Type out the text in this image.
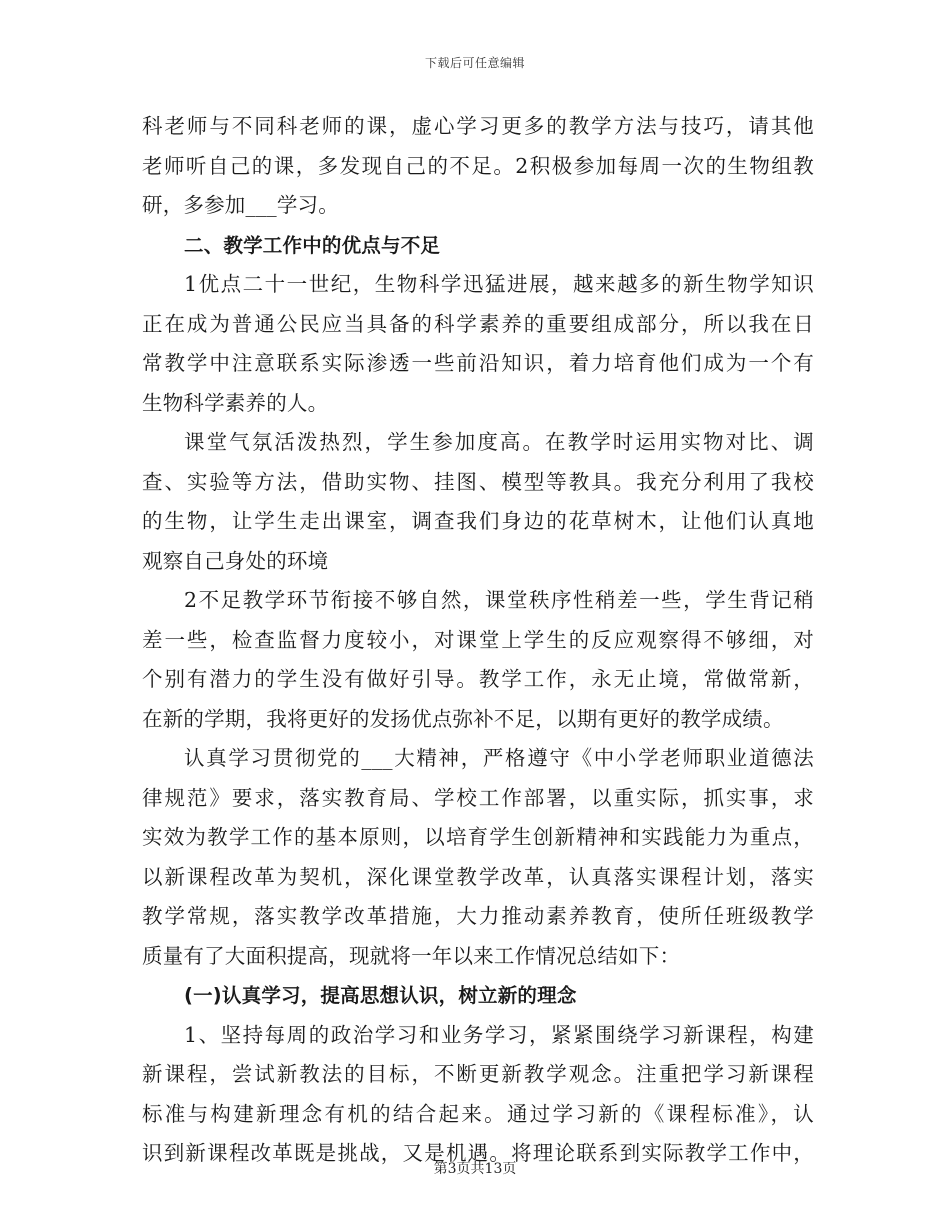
下载后可任意编辑
科老师与不同科老师的课，虚心学习更多的教学方法与技巧，请其他
老师听自己的课，多发现自己的不足。2积极参加每周一次的生物组教
研，多参加___学习。
二、教学工作中的优点与不足
1优点二十一世纪，生物科学迅猛进展，越来越多的新生物学知识
正在成为普通公民应当具备的科学素养的重要组成部分，所以我在日
常教学中注意联系实际渗透一些前沿知识，着力培育他们成为一个有
生物科学素养的人。
课堂气氛活泼热烈，学生参加度高。在教学时运用实物对比、调
查、实验等方法，借助实物、挂图、模型等教具。我充分利用了我校
的生物，让学生走出课室，调查我们身边的花草树木，让他们认真地
观察自己身处的环境
2不足教学环节衔接不够自然，课堂秩序性稍差一些，学生背记稍
差一些，检查监督力度较小，对课堂上学生的反应观察得不够细，对
个别有潜力的学生没有做好引导。教学工作，永无止境，常做常新，
在新的学期，我将更好的发扬优点弥补不足，以期有更好的教学成绩。
认真学习贯彻党的___大精神，严格遵守《中小学老师职业道德法
律规范》要求，落实教育局、学校工作部署，以重实际，抓实事，求
实效为教学工作的基本原则，以培育学生创新精神和实践能力为重点，
以新课程改革为契机，深化课堂教学改革，认真落实课程计划，落实
教学常规，落实教学改革措施，大力推动素养教育，使所任班级教学
质量有了大面积提高，现就将一年以来工作情况总结如下：
(一)认真学习，提高思想认识，树立新的理念
1、坚持每周的政治学习和业务学习，紧紧围绕学习新课程，构建
新课程，尝试新教法的目标，不断更新教学观念。注重把学习新课程
标准与构建新理念有机的结合起来。通过学习新的《课程标准》，认
识到新课程改革既是挑战，又是机遇。将理论联系到实际教学工作中，
第3页共13页
